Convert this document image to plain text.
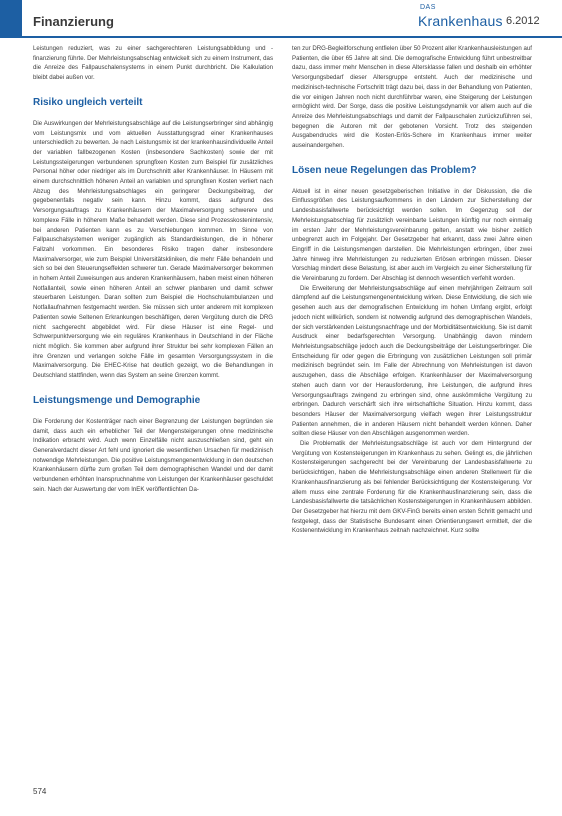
Finanzierung
DAS
Krankenhaus 6.2012

Leistungen reduziert, was zu einer sachgerechteren Leistungsabbildung und -finanzierung führte. Der Mehrleistungsabschlag entwickelt sich zu einem Instrument, das die Anreize des Fallpauschalensystems in einem Punkt durchbricht. Die Kalkulation bleibt dabei außen vor.

Risiko ungleich verteilt

Die Auswirkungen der Mehrleistungsabschläge auf die Leistungserbringer sind abhängig vom Leistungsmix und vom aktuellen Ausstattungsgrad einer Krankenhauses unterschiedlich zu bewerten. Je nach Leistungsmix ist der krankenhausindividuelle Anteil der variablen fallbezogenen Kosten (insbesondere Sachkosten) sowie der mit Leistungssteigerungen verbundenen sprungfixen Kosten zum Beispiel für zusätzliches Personal höher oder niedriger als im Durchschnitt aller Krankenhäuser. In Häusern mit einem durchschnittlich höheren Anteil an variablen und sprungfixen Kosten verliert nach Abzug des Mehrleistungsabschlages ein geringerer Deckungsbeitrag, der gegebenenfalls negativ sein kann. Hinzu kommt, dass aufgrund des Versorgungsauftrags zu Krankenhäusern der Maximalversorgung schwerere und komplexe Fälle in höherem Maße behandelt werden. Diese sind Prozesskostenintensiv, bei anderen Patienten kann es zu Verschiebungen kommen. Im Sinne von Fallpauschalsystemen weniger zugänglich als Standardleistungen, die in höherer Fallzahl vorkommen. Ein besonderes Risiko tragen daher insbesondere Maximalversorger, wie zum Beispiel Universitätskliniken, die mehr Fälle behandeln und sich so bei den Steuerungseffekten schwerer tun. Gerade Maximalversorger bekommen in hohem Anteil Zuweisungen aus anderen Krankenhäusern, haben meist einen höheren Notfallanteil, sowie einen höheren Anteil an schwer planbaren und damit schwer steuerbaren Leistungen. Daran sollten zum Beispiel die Hochschulambulanzen und Notfallaufnahmen festgemacht werden. Sie müssen sich unter anderem mit komplexen Patienten sowie Seltenen Erkrankungen beschäftigen, deren Vergütung durch die DRG nicht sachgerecht abgebildet wird. Für diese Häuser ist eine Regel- und Schwerpunktversorgung wie ein reguläres Krankenhaus in Deutschland in der Fläche nicht möglich. Sie kommen aber aufgrund ihrer Struktur bei sehr komplexen Fällen an ihre Grenzen und verlangen solche Fälle im gesamten Versorgungssystem in die Maximalversorgung. Die EHEC-Krise hat deutlich gezeigt, wo die Behandlungen in Deutschland stattfinden, wenn das System an seine Grenzen kommt.

Leistungsmenge und Demographie

Die Forderung der Kostenträger nach einer Begrenzung der Leistungen begründen sie damit, dass auch ein erheblicher Teil der Mengensteigerungen ohne medizinische Indikation erbracht wird. Auch wenn Einzelfälle nicht auszuschließen sind, geht ein Generalverdacht dieser Art fehl und ignoriert die wesentlichen Ursachen für medizinisch notwendige Mehrleistungen. Die positive Leistungsmengenentwicklung in den deutschen Krankenhäusern dürfte zum großen Teil dem demographischen Wandel und der damit verbundenen erhöhten Inanspruchnahme von Leistungen der Krankenhäuser geschuldet sein. Nach der Auswertung der vom InEK veröffentlichten Da-

ten zur DRG-Begleitforschung entfielen über 50 Prozent aller Krankenhausleistungen auf Patienten, die über 65 Jahre alt sind. Die demografische Entwicklung führt unbestreitbar dazu, dass immer mehr Menschen in diese Altersklasse fallen und deshalb ein erhöhter Versorgungsbedarf dieser Altersgruppe entsteht. Auch der medizinische und medizinisch-technische Fortschritt trägt dazu bei, dass in der Behandlung von Patienten, die vor einigen Jahren noch nicht durchführbar waren, eine Steigerung der Leistungen ermöglicht wird. Der Sorge, dass die positive Leistungsdynamik vor allem auch auf die Anreize des Mehrleistungsabschlags und damit der Fallpauschalen zurückzuführen sei, begegnen die Autoren mit der gebotenen Vorsicht. Trotz des steigenden Ausgabendrucks wird die Kosten-Erlös-Schere im Krankenhaus immer weiter auseinandergehen.

Lösen neue Regelungen das Problem?

Aktuell ist in einer neuen gesetzgeberischen Initiative in der Diskussion, die die Einflussgrößen des Leistungsaufkommens in den Ländern zur Sicherstellung der Landesbasisfallwerte berücksichtigt werden sollen. Im Gegenzug soll der Mehrleistungsabschlag für zusätzlich vereinbarte Leistungen künftig nur noch einmalig im ersten Jahr der Mehrleistungsvereinbarung gelten, anstatt wie bisher zeitlich unbegrenzt auch im Folgejahr. Der Gesetzgeber hat erkannt, dass zwei Jahre einen Eingriff in die Leistungsmengen darstellen. Die Mehrleistungen erbringen, über zwei Jahre hinweg ihre Mehrleistungen zu reduzierten Erlösen erbringen müssen. Dieser Vorschlag mindert diese Belastung, ist aber auch im Vergleich zu einer Sicherstellung für die Vereinbarung zu fordern. Der Abschlag ist dennoch wesentlich verfehlt worden.

Die Erweiterung der Mehrleistungsabschläge auf einen mehrjährigen Zeitraum soll dämpfend auf die Leistungsmengenentwicklung wirken. Diese Entwicklung, die sich wie gesehen auch aus der demografischen Entwicklung im hohen Umfang ergibt, erfolgt jedoch nicht willkürlich, sondern ist notwendig aufgrund des demographischen Wandels, der sich verstärkenden Leistungsnachfrage und der Morbiditätsentwicklung. Sie ist damit Ausdruck einer bedarfsgerechten Versorgung. Unabhängig davon mindern Mehrleistungsabschläge jedoch auch die Deckungsbeiträge der Leistungserbringer. Die Entscheidung für oder gegen die Erbringung von zusätzlichen Leistungen soll primär medizinisch begründet sein. Im Falle der Abrechnung von Mehrleistungen ist davon auszugehen, dass die Abschläge erfolgen. Krankenhäuser der Maximalversorgung stehen auch dann vor der Herausforderung, ihre Leistungen, die aufgrund ihres Versorgungsauftrags zwingend zu erbringen sind, ohne auskömmliche Vergütung zu erbringen. Dadurch verschärft sich ihre wirtschaftliche Situation. Hinzu kommt, dass besonders Häuser der Maximalversorgung vielfach wegen ihrer Leistungsstruktur Patienten annehmen, die in anderen Häusern nicht behandelt werden können. Daher sollten diese Häuser von den Abschlägen ausgenommen werden.

Die Problematik der Mehrleistungsabschläge ist auch vor dem Hintergrund der Vergütung von Kostensteigerungen im Krankenhaus zu sehen. Gelingt es, die jährlichen Kostensteigerungen sachgerecht bei der Vereinbarung der Landesbasisfallwerte zu berücksichtigen, haben die Mehrleistungsabschläge einen anderen Stellenwert für die Krankenhausfinanzierung als bei fehlender Berücksichtigung der Kostensteigerung. Vor allem muss eine zentrale Forderung für die Krankenhausfinanzierung sein, dass die Landesbasisfallwerte die tatsächlichen Kostensteigerungen in Krankenhäusern abbilden. Der Gesetzgeber hat hierzu mit dem GKV-FinG bereits einen ersten Schritt gemacht und festgelegt, dass der Statistische Bundesamt einen Orientierungswert ermittelt, der die Kostenentwicklung im Krankenhaus zeitnah nachzeichnet. Kurz sollte

574
